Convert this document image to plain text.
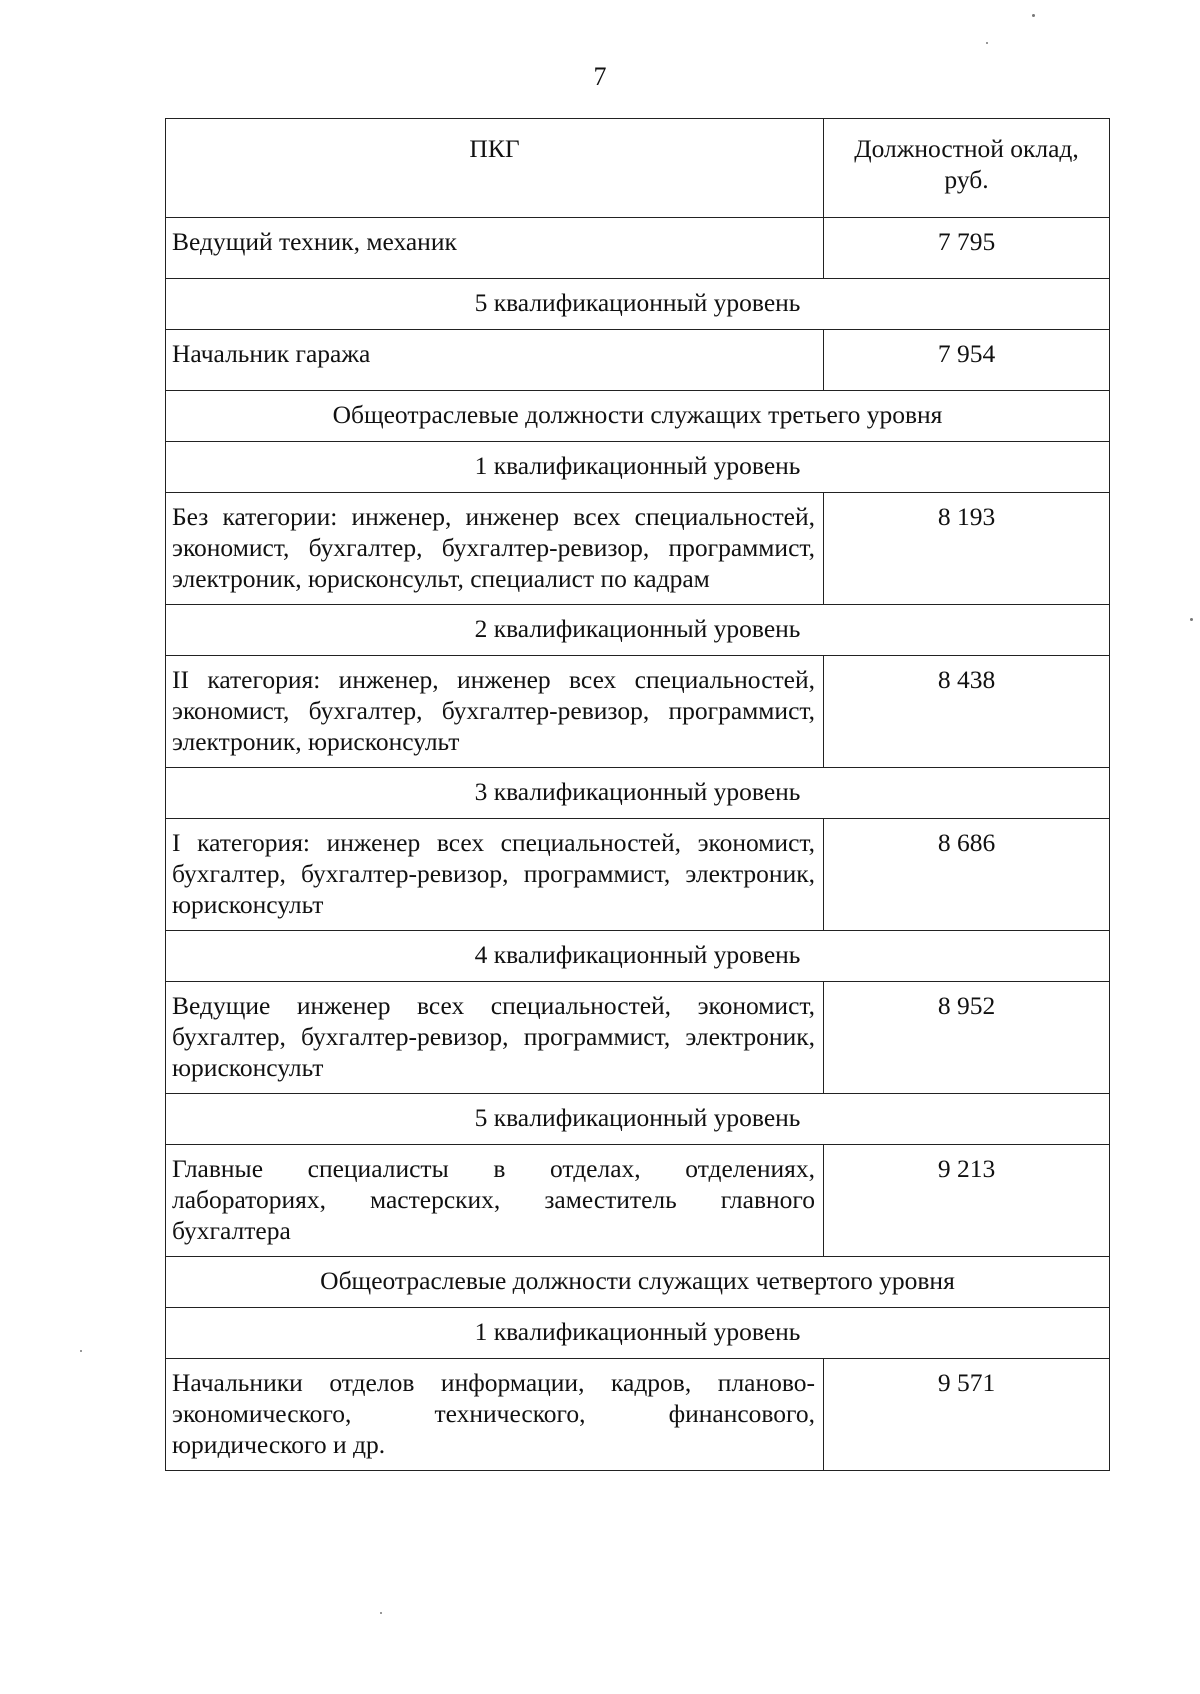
7
ПКГ	Должностной оклад, руб.
Ведущий техник, механик	7 795
5 квалификационный уровень	
Начальник гаража	7 954
Общеотраслевые должности служащих третьего уровня	
1 квалификационный уровень	
Без категории: инженер, инженер всех специальностей, экономист, бухгалтер, бухгалтер-ревизор, программист, электроник, юрисконсульт, специалист по кадрам	8 193
2 квалификационный уровень	
II категория: инженер, инженер всех специальностей, экономист, бухгалтер, бухгалтер-ревизор, программист, электроник, юрисконсульт	8 438
3 квалификационный уровень	
I категория: инженер всех специальностей, экономист, бухгалтер, бухгалтер-ревизор, программист, электроник, юрисконсульт	8 686
4 квалификационный уровень	
Ведущие инженер всех специальностей, экономист, бухгалтер, бухгалтер-ревизор, программист, электроник, юрисконсульт	8 952
5 квалификационный уровень	
Главные специалисты в отделах, отделениях, лабораториях, мастерских, заместитель главного бухгалтера	9 213
Общеотраслевые должности служащих четвертого уровня	
1 квалификационный уровень	
Начальники отделов информации, кадров, планово-экономического, технического, финансового, юридического и др.	9 571
